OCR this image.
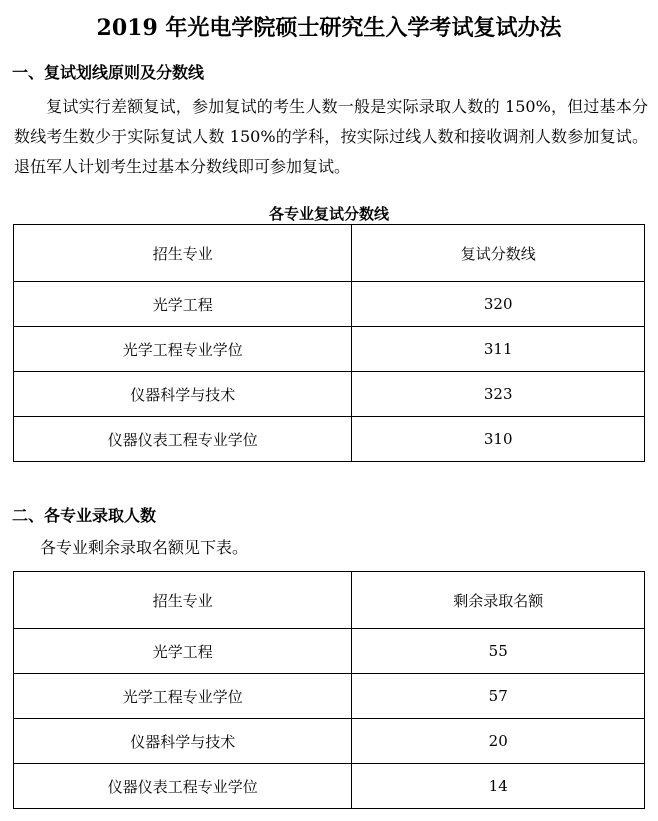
2019 年光电学院硕士研究生入学考试复试办法
一、复试划线原则及分数线
复试实行差额复试，参加复试的考生人数一般是实际录取人数的 150%，但过基本分数线考生数少于实际复试人数 150%的学科，按实际过线人数和接收调剂人数参加复试。退伍军人计划考生过基本分数线即可参加复试。
各专业复试分数线
招生专业	复试分数线
光学工程	320
光学工程专业学位	311
仪器科学与技术	323
仪器仪表工程专业学位	310
二、各专业录取人数
各专业剩余录取名额见下表。
招生专业	剩余录取名额
光学工程	55
光学工程专业学位	57
仪器科学与技术	20
仪器仪表工程专业学位	14
